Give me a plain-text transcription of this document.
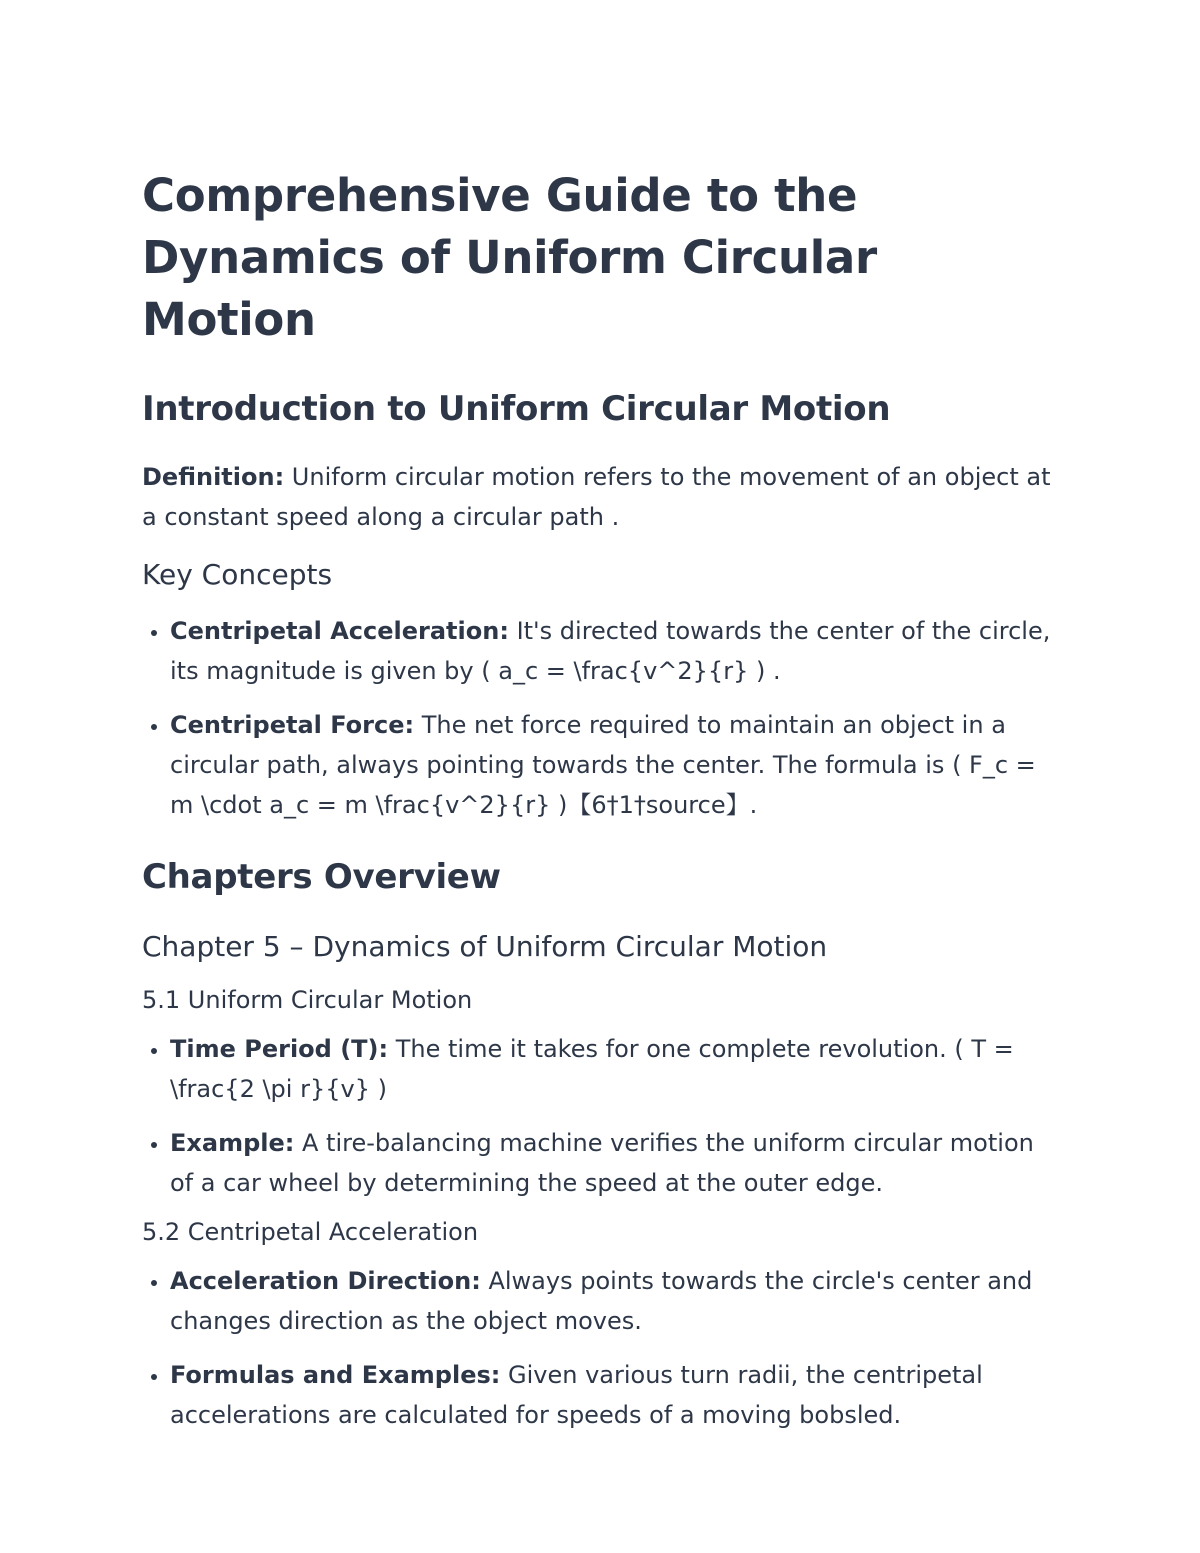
Comprehensive Guide to the Dynamics of Uniform Circular Motion
Introduction to Uniform Circular Motion

Definition: Uniform circular motion refers to the movement of an object at a constant speed along a circular path .

Key Concepts
• Centripetal Acceleration: It's directed towards the center of the circle, its magnitude is given by ( a_c = \frac{v^2}{r} ) .
• Centripetal Force: The net force required to maintain an object in a circular path, always pointing towards the center. The formula is ( F_c = m \cdot a_c = m \frac{v^2}{r} )【6†1†source】.
Chapters Overview
Chapter 5 – Dynamics of Uniform Circular Motion
5.1 Uniform Circular Motion
• Time Period (T): The time it takes for one complete revolution. ( T = \frac{2 \pi r}{v} )
• Example: A tire-balancing machine verifies the uniform circular motion of a car wheel by determining the speed at the outer edge.
5.2 Centripetal Acceleration
• Acceleration Direction: Always points towards the circle's center and changes direction as the object moves.
• Formulas and Examples: Given various turn radii, the centripetal accelerations are calculated for speeds of a moving bobsled.
